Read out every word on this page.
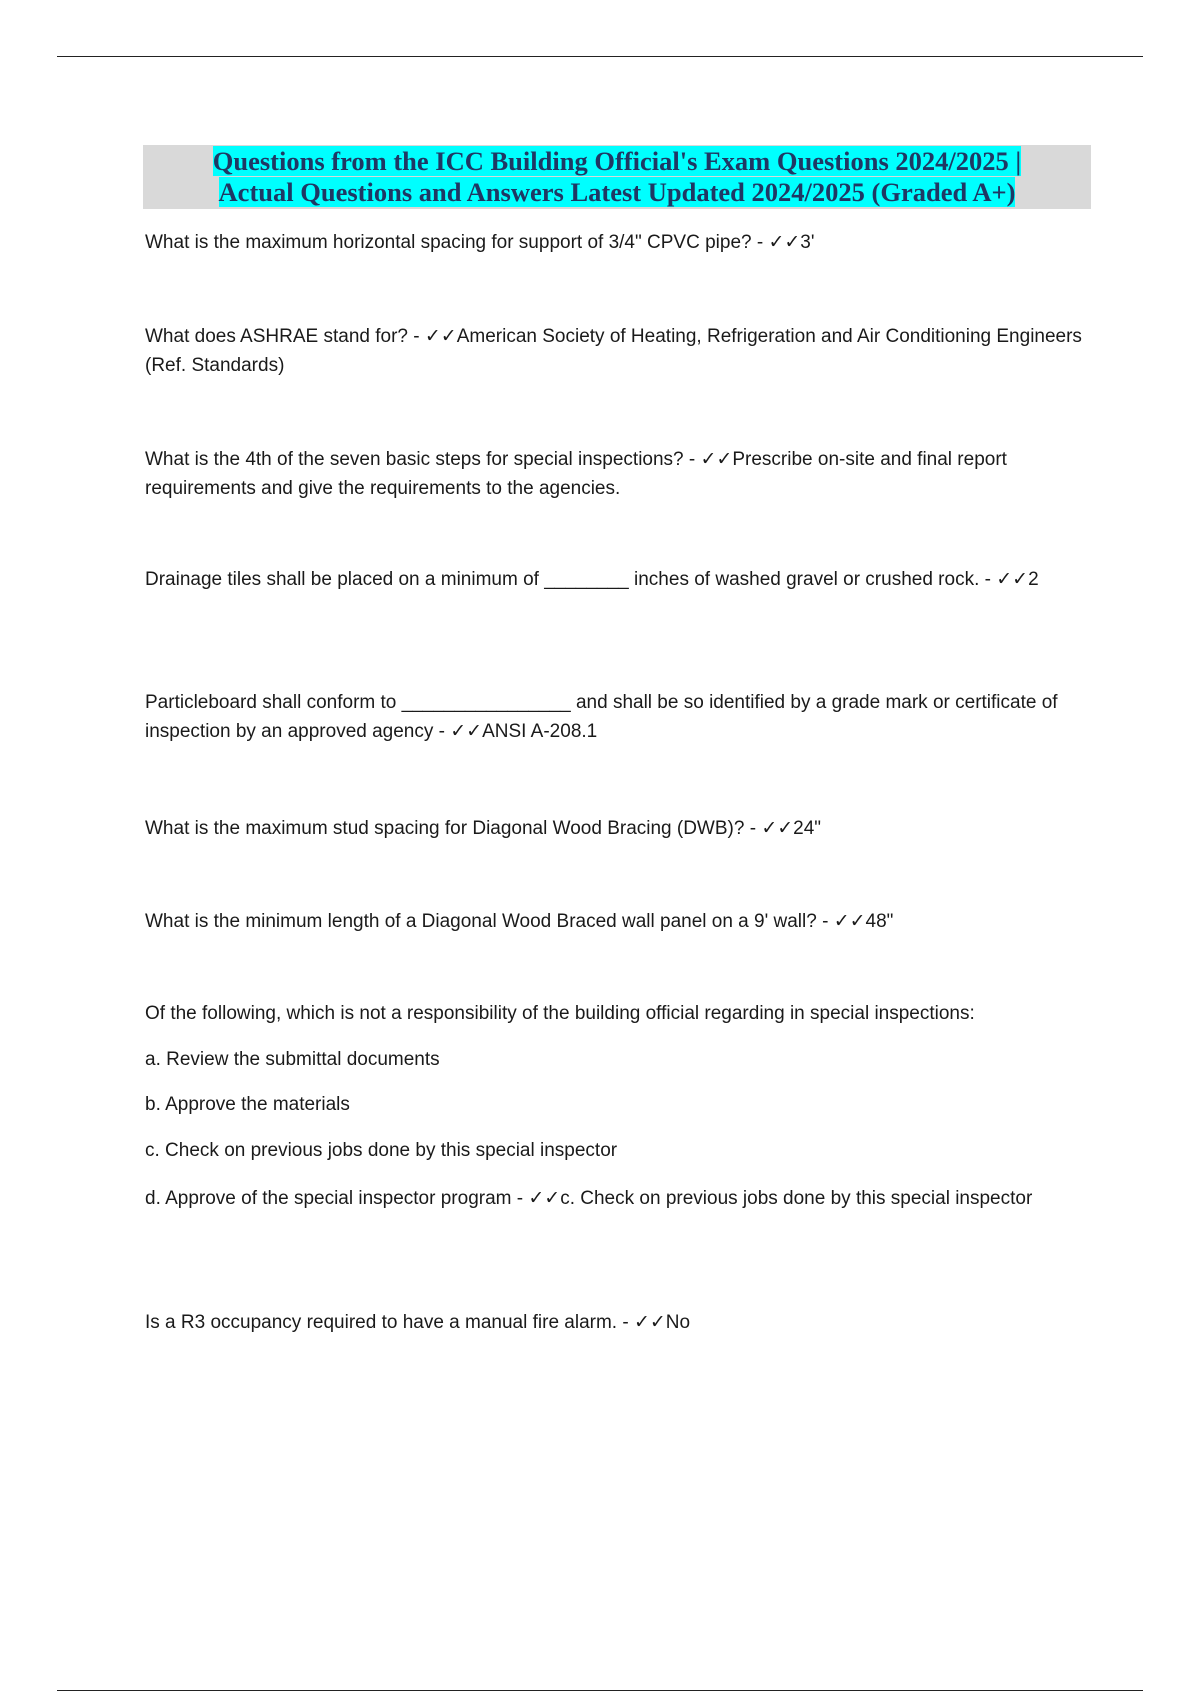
Questions from the ICC Building Official's Exam Questions 2024/2025 |
Actual Questions and Answers Latest Updated 2024/2025 (Graded A+)
What is the maximum horizontal spacing for support of 3/4" CPVC pipe? - ✓✓3'
What does ASHRAE stand for? - ✓✓American Society of Heating, Refrigeration and Air Conditioning Engineers (Ref. Standards)
What is the 4th of the seven basic steps for special inspections? - ✓✓Prescribe on-site and final report requirements and give the requirements to the agencies.
Drainage tiles shall be placed on a minimum of ________ inches of washed gravel or crushed rock. - ✓✓2
Particleboard shall conform to ________________ and shall be so identified by a grade mark or certificate of inspection by an approved agency - ✓✓ANSI A-208.1
What is the maximum stud spacing for Diagonal Wood Bracing (DWB)? - ✓✓24"
What is the minimum length of a Diagonal Wood Braced wall panel on a 9' wall? - ✓✓48"
Of the following, which is not a responsibility of the building official regarding in special inspections:
a. Review the submittal documents
b. Approve the materials
c. Check on previous jobs done by this special inspector
d. Approve of the special inspector program - ✓✓c. Check on previous jobs done by this special inspector
Is a R3 occupancy required to have a manual fire alarm. - ✓✓No
